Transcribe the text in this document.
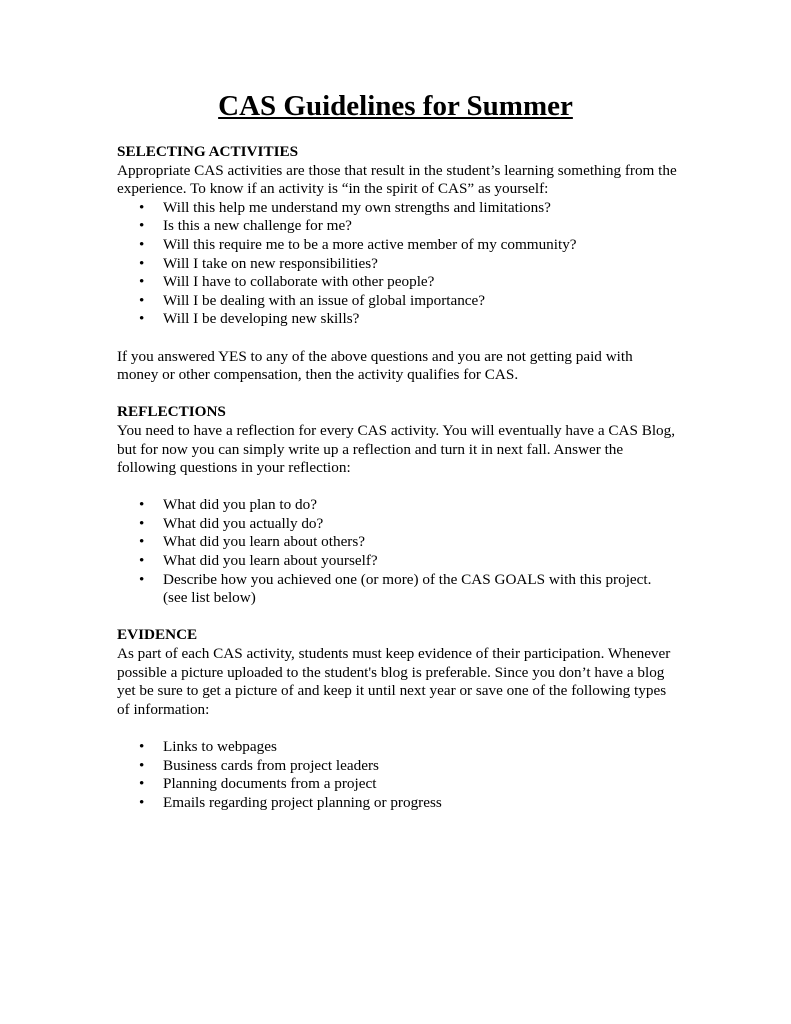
CAS Guidelines for Summer

SELECTING ACTIVITIES

Appropriate CAS activities are those that result in the student’s learning something from the experience. To know if an activity is “in the spirit of CAS” as yourself:

• Will this help me understand my own strengths and limitations?
• Is this a new challenge for me?
• Will this require me to be a more active member of my community?
• Will I take on new responsibilities?
• Will I have to collaborate with other people?
• Will I be dealing with an issue of global importance?
• Will I be developing new skills?

If you answered YES to any of the above questions and you are not getting paid with money or other compensation, then the activity qualifies for CAS.

REFLECTIONS

You need to have a reflection for every CAS activity. You will eventually have a CAS Blog, but for now you can simply write up a reflection and turn it in next fall. Answer the following questions in your reflection:

• What did you plan to do?
• What did you actually do?
• What did you learn about others?
• What did you learn about yourself?
• Describe how you achieved one (or more) of the CAS GOALS with this project. (see list below)

EVIDENCE

As part of each CAS activity, students must keep evidence of their participation. Whenever possible a picture uploaded to the student's blog is preferable. Since you don’t have a blog yet be sure to get a picture of and keep it until next year or save one of the following types of information:

• Links to webpages
• Business cards from project leaders
• Planning documents from a project
• Emails regarding project planning or progress
